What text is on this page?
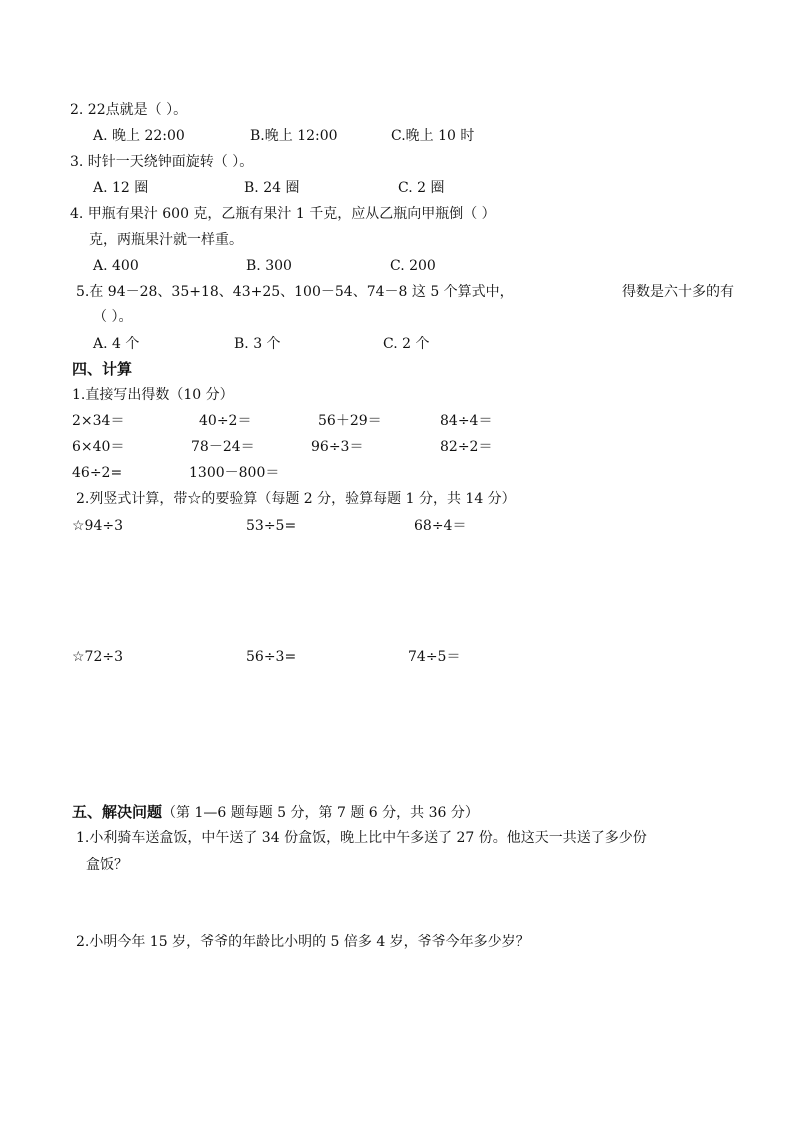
2. 22点就是（ ）。
A. 晚上 22:00	B.晚上 12:00	C.晚上 10 时
3. 时针一天绕钟面旋转（ ）。
A. 12 圈	B. 24 圈	C. 2 圈
4. 甲瓶有果汁 600 克，乙瓶有果汁 1 千克，应从乙瓶向甲瓶倒（ ）
克，两瓶果汁就一样重。
A. 400	B. 300	C. 200
5.在 94－28、35+18、43+25、100－54、74－8 这 5 个算式中，	得数是六十多的有
（ ）。
A. 4 个	B. 3 个	C. 2 个
四、计算
1.直接写出得数（10 分）
2×34＝	40÷2＝	56＋29＝	84÷4＝
6×40＝	78－24＝	96÷3＝	82÷2＝
46÷2=	1300－800＝
2.列竖式计算，带☆的要验算（每题 2 分，验算每题 1 分，共 14 分）
☆94÷3	53÷5=	68÷4＝
☆72÷3	56÷3=	74÷5＝
五、解决问题（第 1—6 题每题 5 分，第 7 题 6 分，共 36 分）
1.小利骑车送盒饭，中午送了 34 份盒饭，晚上比中午多送了 27 份。他这天一共送了多少份
盒饭？
2.小明今年 15 岁，爷爷的年龄比小明的 5 倍多 4 岁，爷爷今年多少岁？
